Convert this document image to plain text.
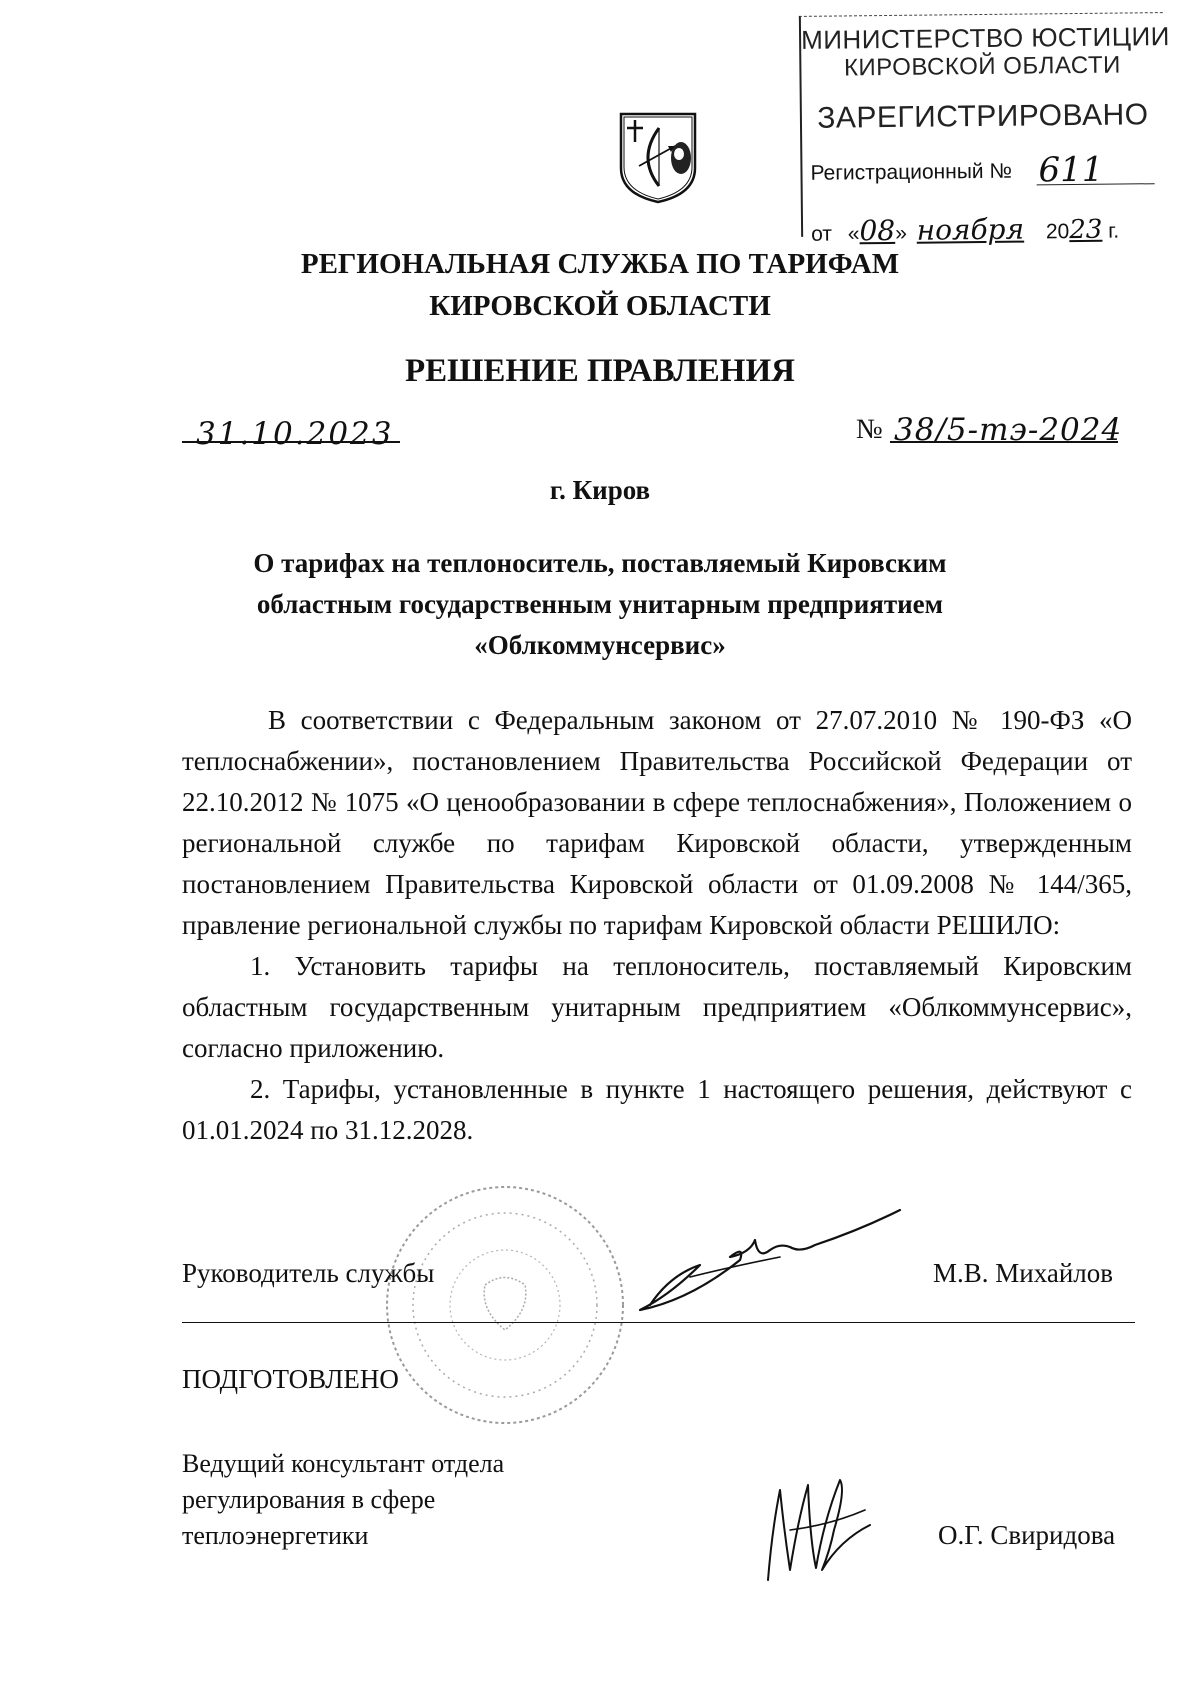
МИНИСТЕРСТВО ЮСТИЦИИ
КИРОВСКОЙ ОБЛАСТИ
ЗАРЕГИСТРИРОВАНО
Регистрационный № 611
от «08» ноября 2023 г.
РЕГИОНАЛЬНАЯ СЛУЖБА ПО ТАРИФАМ
КИРОВСКОЙ ОБЛАСТИ
РЕШЕНИЕ ПРАВЛЕНИЯ
31.10.2023	№ 38/5-тэ-2024
г. Киров
О тарифах на теплоноситель, поставляемый Кировским
областным государственным унитарным предприятием
«Облкоммунсервис»

В соответствии с Федеральным законом от 27.07.2010 № 190-ФЗ «О теплоснабжении», постановлением Правительства Российской Федерации от 22.10.2012 № 1075 «О ценообразовании в сфере теплоснабжения», Положением о региональной службе по тарифам Кировской области, утвержденным постановлением Правительства Кировской области от 01.09.2008 № 144/365, правление региональной службы по тарифам Кировской области РЕШИЛО:

1. Установить тарифы на теплоноситель, поставляемый Кировским областным государственным унитарным предприятием «Облкоммунсервис», согласно приложению.

2. Тарифы, установленные в пункте 1 настоящего решения, действуют с 01.01.2024 по 31.12.2028.

Руководитель службы	М.В. Михайлов
ПОДГОТОВЛЕНО
Ведущий консультант отдела
регулирования в сфере
теплоэнергетики	О.Г. Свиридова
